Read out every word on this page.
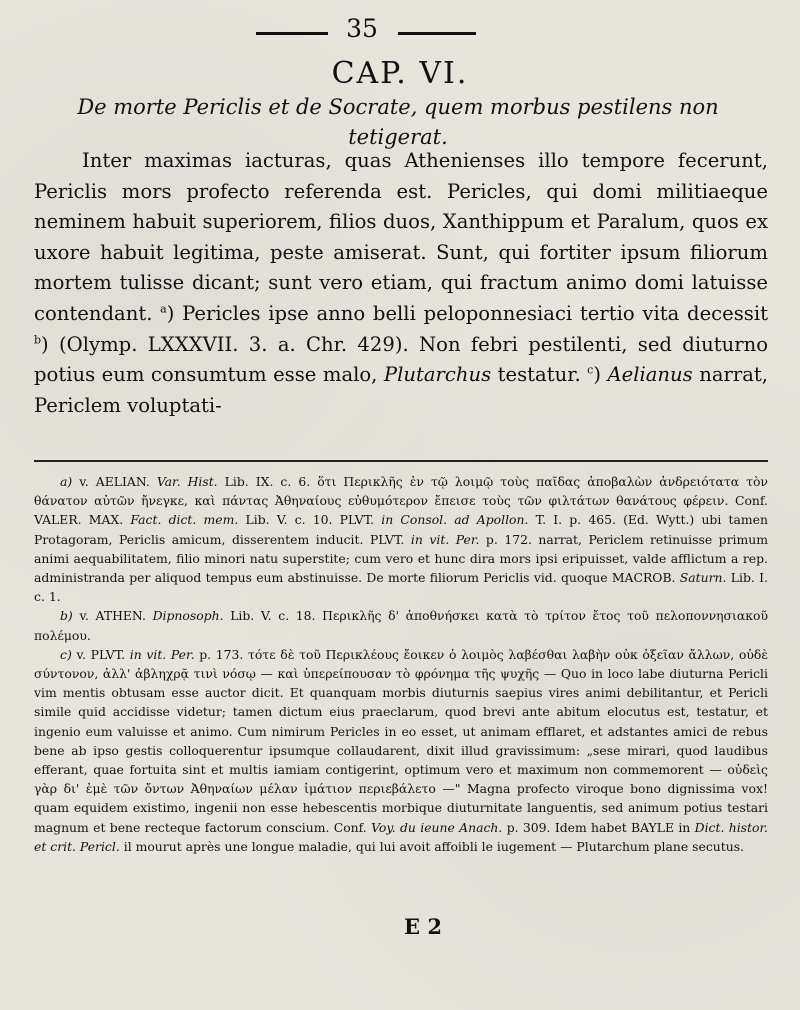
35
CAP. VI.
De morte Periclis et de Socrate, quem morbus pestilens non tetigerat.

Inter maximas iacturas, quas Athenienses illo tempore fecerunt, Periclis mors profecto referenda est. Pericles, qui domi militiaeque neminem habuit superiorem, filios duos, Xanthippum et Paralum, quos ex uxore habuit legitima, peste amiserat. Sunt, qui fortiter ipsum filiorum mortem tulisse dicant; sunt vero etiam, qui fractum animo domi latuisse contendant. $^a$) Pericles ipse anno belli peloponnesiaci tertio vita decessit $^b$) (Olymp. LXXXVII. 3. a. Chr. 429). Non febri pestilenti, sed diuturno potius eum consumtum esse malo, Plutarchus testatur. $^c$) Aelianus narrat, Periclem voluptati-

a) v. AELIAN. Var. Hist. Lib. IX. c. 6. ὅτι Περικλῆς ἐν τῷ λοιμῷ τοὺς παῖδας ἀποβαλὼν ἀνδρειότατα τὸν θάνατον αὐτῶν ἤνεγκε, καὶ πάντας Ἀθηναίους εὐθυμότερον ἔπεισε τοὺς τῶν φιλτάτων θανάτους φέρειν. Conf. VALER. MAX. Fact. dict. mem. Lib. V. c. 10. PLVT. in Consol. ad Apollon. T. I. p. 465. (Ed. Wytt.) ubi tamen Protagoram, Periclis amicum, disserentem inducit. PLVT. in vit. Per. p. 172. narrat, Periclem retinuisse primum animi aequabilitatem, filio minori natu superstite; cum vero et hunc dira mors ipsi eripuisset, valde afflictum a rep. administranda per aliquod tempus eum abstinuisse. De morte filiorum Periclis vid. quoque MACROB. Saturn. Lib. I. c. 1.

b) v. ATHEN. Dipnosoph. Lib. V. c. 18. Περικλῆς δ' ἀποθνήσκει κατὰ τὸ τρίτον ἔτος τοῦ πελοποννησιακοῦ πολέμου.

c) v. PLVT. in vit. Per. p. 173. τότε δὲ τοῦ Περικλέους ἔοικεν ὁ λοιμὸς λαβέσθαι λαβὴν οὐκ ὀξεῖαν ἄλλων, οὐδὲ σύντονον, ἀλλ' ἀβληχρᾷ τινὶ νόσῳ — καὶ ὑπερείπουσαν τὸ φρόνημα τῆς ψυχῆς — Quo in loco labe diuturna Pericli vim mentis obtusam esse auctor dicit. Et quanquam morbis diuturnis saepius vires animi debilitantur, et Pericli simile quid accidisse videtur; tamen dictum eius praeclarum, quod brevi ante abitum elocutus est, testatur, et ingenio eum valuisse et animo. Cum nimirum Pericles in eo esset, ut animam efflaret, et adstantes amici de rebus bene ab ipso gestis colloquerentur ipsumque collaudarent, dixit illud gravissimum: „sese mirari, quod laudibus efferant, quae fortuita sint et multis iamiam contigerint, optimum vero et maximum non commemorent — οὐδεὶς γὰρ δι' ἐμὲ τῶν ὄντων Ἀθηναίων μέλαν ἱμάτιον περιεβάλετο —" Magna profecto viroque bono dignissima vox! quam equidem existimo, ingenii non esse hebescentis morbique diuturnitate languentis, sed animum potius testari magnum et bene recteque factorum conscium. Conf. Voy. du ieune Anach. p. 309. Idem habet BAYLE in Dict. histor. et crit. Pericl. il mourut après une longue maladie, qui lui avoit affoibli le iugement — Plutarchum plane secutus.

E 2
